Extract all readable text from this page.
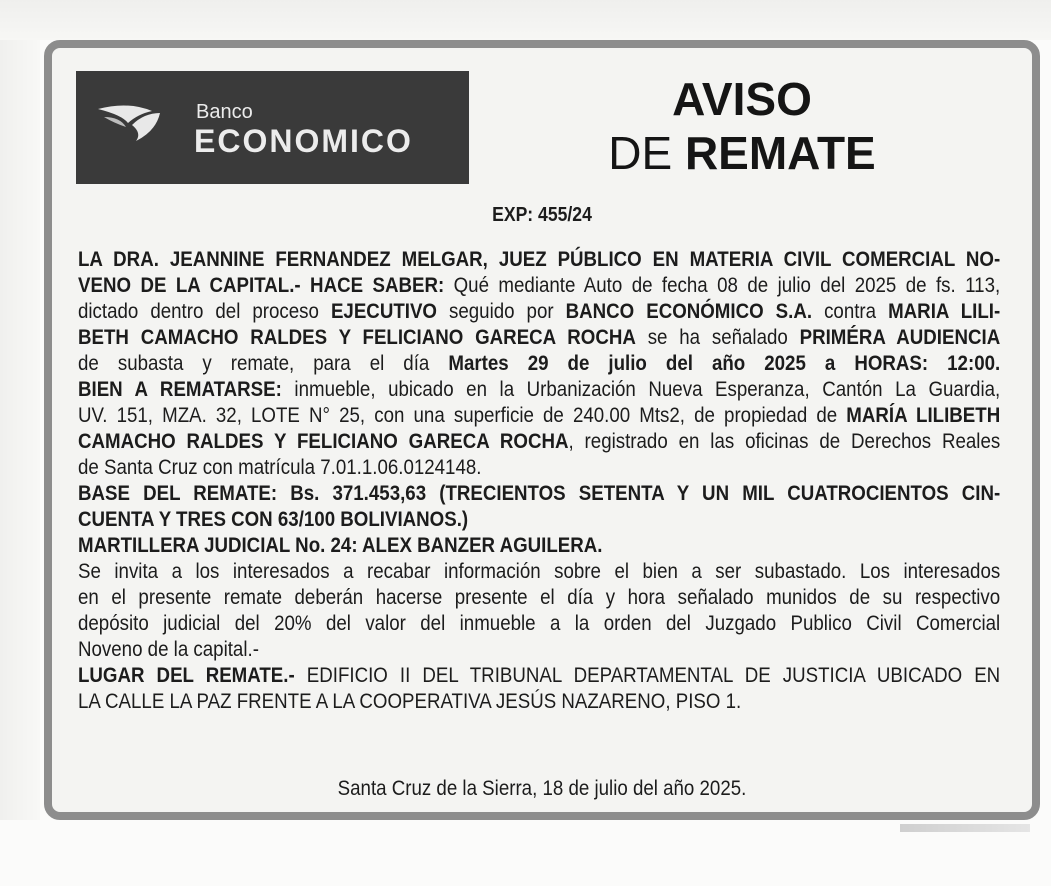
Banco
ECONOMICO
AVISO
DE REMATE
EXP: 455/24
LA DRA. JEANNINE FERNANDEZ MELGAR, JUEZ PÚBLICO EN MATERIA CIVIL COMERCIAL NO-
VENO DE LA CAPITAL.- HACE SABER: Qué mediante Auto de fecha 08 de julio del 2025 de fs. 113,
dictado dentro del proceso EJECUTIVO seguido por BANCO ECONÓMICO S.A. contra MARIA LILI-
BETH CAMACHO RALDES Y FELICIANO GARECA ROCHA se ha señalado PRIMÉRA AUDIENCIA
de subasta y remate, para el día Martes 29 de julio del año 2025 a HORAS: 12:00.
BIEN A REMATARSE: inmueble, ubicado en la Urbanización Nueva Esperanza, Cantón La Guardia,
UV. 151, MZA. 32, LOTE N° 25, con una superficie de 240.00 Mts2, de propiedad de MARÍA LILIBETH
CAMACHO RALDES Y FELICIANO GARECA ROCHA, registrado en las oficinas de Derechos Reales
de Santa Cruz con matrícula 7.01.1.06.0124148.
BASE DEL REMATE: Bs. 371.453,63 (TRECIENTOS SETENTA Y UN MIL CUATROCIENTOS CIN-
CUENTA Y TRES CON 63/100 BOLIVIANOS.)
MARTILLERA JUDICIAL No. 24: ALEX BANZER AGUILERA.
Se invita a los interesados a recabar información sobre el bien a ser subastado. Los interesados
en el presente remate deberán hacerse presente el día y hora señalado munidos de su respectivo
depósito judicial del 20% del valor del inmueble a la orden del Juzgado Publico Civil Comercial
Noveno de la capital.-
LUGAR DEL REMATE.- EDIFICIO II DEL TRIBUNAL DEPARTAMENTAL DE JUSTICIA UBICADO EN
LA CALLE LA PAZ FRENTE A LA COOPERATIVA JESÚS NAZARENO, PISO 1.
Santa Cruz de la Sierra, 18 de julio del año 2025.
